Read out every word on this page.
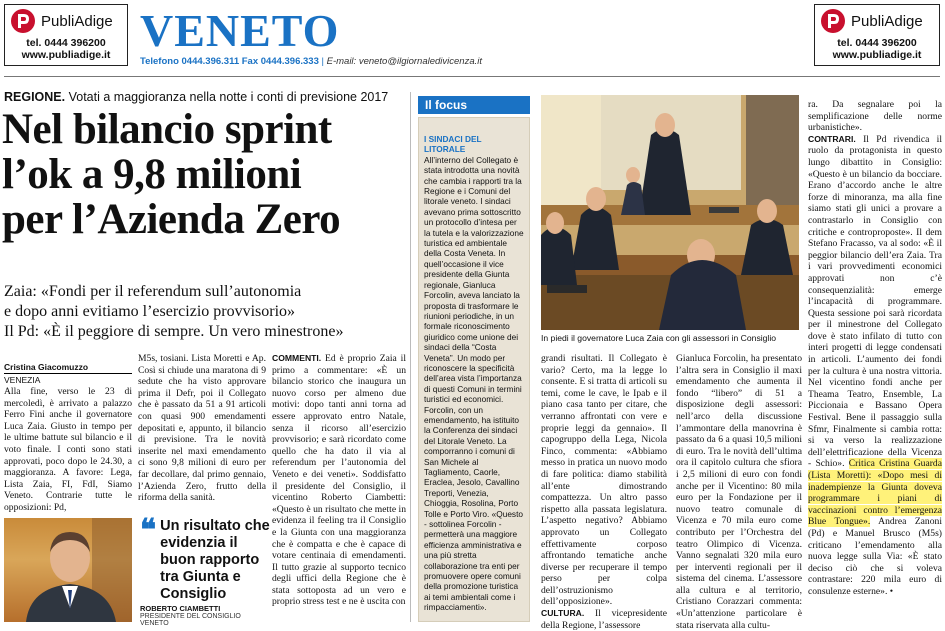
PubliAdige
tel. 0444 396200
www.publiadige.it VENETO
Telefono 0444.396.311 Fax 0444.396.333 | E-mail: veneto@ilgiornaledivicenza.it
PubliAdige
tel. 0444 396200
www.publiadige.it
REGIONE. Votati a maggioranza nella notte i conti di previsione 2017
Nel bilancio sprint
l’ok a 9,8 milioni
per l’Azienda Zero
Zaia: «Fondi per il referendum sull’autonomia
e dopo anni evitiamo l’esercizio provvisorio»
Il Pd: «È il peggiore di sempre. Un vero minestrone»
Cristina Giacomuzzo
VENEZIA
Alla fine, verso le 23 di mercoledì, è arrivato a palazzo Ferro Fini anche il governatore Luca Zaia. Giusto in tempo per le ultime battute sul bilancio e il voto finale. I conti sono stati approvati, poco dopo le 24.30, a maggioranza. A favore: Lega, Lista Zaia, FI, FdI, Siamo Veneto. Contrarie tutte le opposizioni: Pd,
M5s, tosiani. Lista Moretti e Ap. Così si chiude una maratona di 9 sedute che ha visto approvare prima il Defr, poi il Collegato che è passato da 51 a 91 articoli con quasi 900 emendamenti depositati e, appunto, il bilancio di previsione. Tra le novità inserite nel maxi emendamento ci sono 9,8 milioni di euro per far decollare, dal primo gennaio, l’Azienda Zero, frutto della riforma della sanità.
COMMENTI. Ed è proprio Zaia il primo a commentare: «È un bilancio storico che inaugura un nuovo corso per almeno due motivi: dopo tanti anni torna ad essere approvato entro Natale, senza il ricorso all’esercizio provvisorio; e sarà ricordato come quello che ha dato il via al referendum per l’autonomia del Veneto e dei veneti». Soddisfatto il presidente del Consiglio, il vicentino Roberto Ciambetti: «Questo è un risultato che mette in evidenza il feeling tra il Consiglio e la Giunta con una maggioranza che è compatta e che è capace di votare centinaia di emendamenti. Il tutto grazie al supporto tecnico degli uffici della Regione che è stata sottoposta ad un vero e proprio stress test e ne è uscita con
❝ Un risultato che evidenzia il buon rapporto tra Giunta e Consiglio
ROBERTO CIAMBETTI
PRESIDENTE DEL CONSIGLIO VENETO
Il focus
I SINDACI DEL LITORALE
All’interno del Collegato è stata introdotta una novità che cambia i rapporti tra la Regione e i Comuni del litorale veneto. I sindaci avevano prima sottoscritto un protocollo d’intesa per la tutela e la valorizzazione turistica ed ambientale della Costa Veneta. In quell’occasione il vice presidente della Giunta regionale, Gianluca Forcolin, aveva lanciato la proposta di trasformare le riunioni periodiche, in un formale riconoscimento giuridico come unione dei sindaci della “Costa Veneta”. Un modo per riconoscere la specificità dell’area vista l’importanza di questi Comuni in termini turistici ed economici. Forcolin, con un emendamento, ha istituito la Conferenza dei sindaci del Litorale Veneto. La comporranno i comuni di San Michele al Tagliamento, Caorle, Eraclea, Jesolo, Cavallino Treporti, Venezia, Chioggia, Rosolina, Porto Tolle e Porto Viro. «Questo - sottolinea Forcolin - permetterà una maggiore efficienza amministrativa e una più stretta collaborazione tra enti per promuovere opere comuni della promozione turistica ai temi ambientali come i rimpacciamenti».
In piedi il governatore Luca Zaia con gli assessori in Consiglio
grandi risultati. Il Collegato è vario? Certo, ma la legge lo consente. E si tratta di articoli su temi, come le cave, le Ipab e il piano casa tanto per citare, che verranno affrontati con vere e proprie leggi da gennaio». Il capogruppo della Lega, Nicola Finco, commenta: «Abbiamo messo in pratica un nuovo modo di fare politica: diamo stabilità all’ente dimostrando compattezza. Un altro passo rispetto alla passata legislatura. L’aspetto negativo? Abbiamo approvato un Collegato effettivamente corposo affrontando tematiche anche diverse per recuperare il tempo perso per colpa dell’ostruzionismo dell’opposizione».
CULTURA. Il vicepresidente della Regione, l’assessore
Gianluca Forcolin, ha presentato l’altra sera in Consiglio il maxi emendamento che aumenta il fondo “libero” di 51 a disposizione degli assessori: nell’arco della discussione l’ammontare della manovrina è passato da 6 a quasi 10,5 milioni di euro. Tra le novità dell’ultima ora il capitolo cultura che sfiora i 2,5 milioni di euro con fondi anche per il Vicentino: 80 mila euro per la Fondazione per il nuovo teatro comunale di Vicenza e 70 mila euro come contributo per l’Orchestra del teatro Olimpico di Vicenza. Vanno segnalati 320 mila euro per interventi regionali per il sistema del cinema. L’assessore alla cultura e al territorio, Cristiano Corazzari commenta: «Un’attenzione particolare è stata riservata alla cultu-
ra. Da segnalare poi la semplificazione delle norme urbanistiche».
CONTRARI. Il Pd rivendica il ruolo da protagonista in questo lungo dibattito in Consiglio: «Questo è un bilancio da bocciare. Erano d’accordo anche le altre forze di minoranza, ma alla fine siamo stati gli unici a provare a contrastarlo in Consiglio con critiche e controproposte». Il dem Stefano Fracasso, va al sodo: «È il peggior bilancio dell’era Zaia. Tra i vari provvedimenti economici approvati non c’è consequenzialità: emerge l’incapacità di programmare. Questa sessione poi sarà ricordata per il minestrone del Collegato dove è stato infilato di tutto con interi progetti di legge condensati in articoli. L’aumento dei fondi per la cultura è una nostra vittoria. Nel vicentino fondi anche per Theama Teatro, Ensemble, La Piccionaia e Bassano Opera Festival. Bene il passaggio sulla Sfmr, Finalmente si cambia rotta: si va verso la realizzazione dell’elettrificazione della Vicenza - Schio». Critica Cristina Guarda (Lista Moretti): «Dopo mesi di inadempienze la Giunta doveva programmare i piani di vaccinazioni contro l’emergenza Blue Tongue». Andrea Zanoni (Pd) e Manuel Brusco (M5s) criticano l’emendamento alla nuova legge sulla Via: «È stato deciso ciò che si voleva contrastare: 220 mila euro di consulenze esterne». •
